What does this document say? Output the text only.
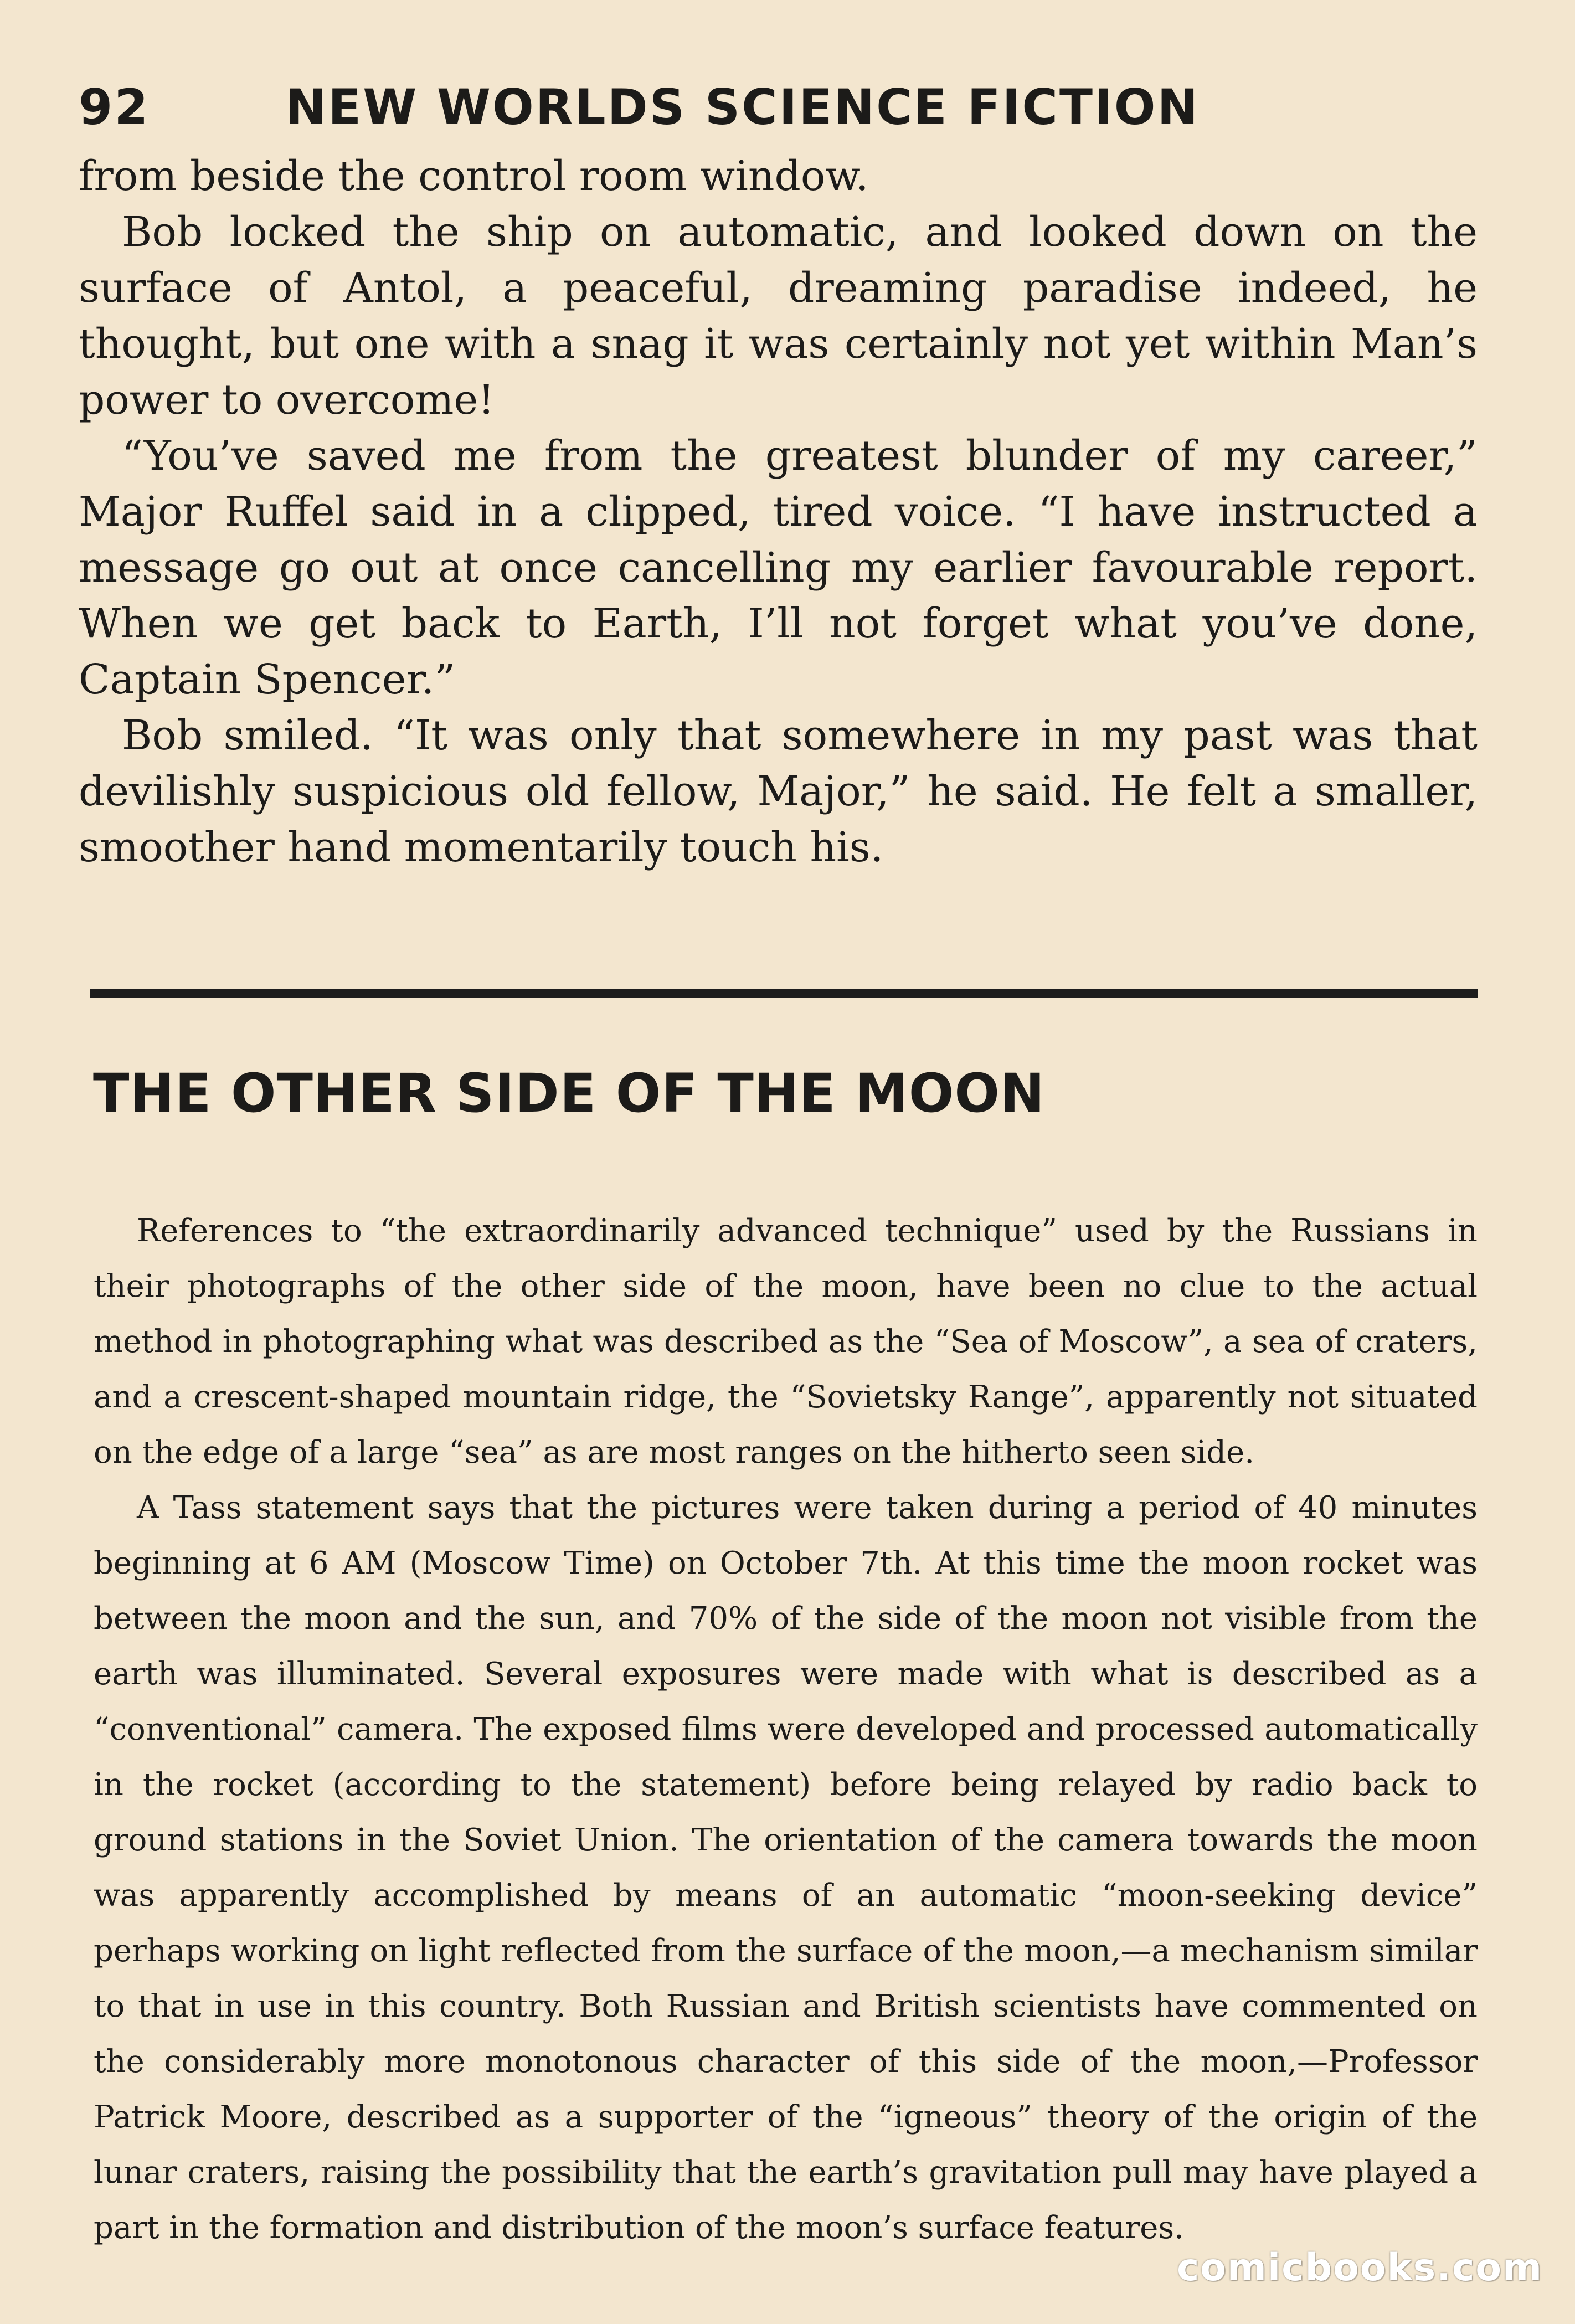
92	NEW WORLDS SCIENCE FICTION

from beside the control room window.

Bob locked the ship on automatic, and looked down on the surface of Antol, a peaceful, dreaming paradise indeed, he thought, but one with a snag it was certainly not yet within Man’s power to overcome!

“You’ve saved me from the greatest blunder of my career,” Major Ruffel said in a clipped, tired voice. “I have instructed a message go out at once cancelling my earlier favourable report. When we get back to Earth, I’ll not forget what you’ve done, Captain Spencer.”

Bob smiled. “It was only that somewhere in my past was that devilishly suspicious old fellow, Major,” he said. He felt a smaller, smoother hand momentarily touch his.

THE OTHER SIDE OF THE MOON

References to “the extraordinarily advanced technique” used by the Russians in their photographs of the other side of the moon, have been no clue to the actual method in photographing what was described as the “Sea of Moscow”, a sea of craters, and a crescent-shaped mountain ridge, the “Sovietsky Range”, apparently not situated on the edge of a large “sea” as are most ranges on the hitherto seen side.

A Tass statement says that the pictures were taken during a period of 40 minutes beginning at 6 AM (Moscow Time) on October 7th. At this time the moon rocket was between the moon and the sun, and 70% of the side of the moon not visible from the earth was illuminated. Several exposures were made with what is described as a “conventional” camera. The exposed films were developed and processed automatically in the rocket (according to the statement) before being relayed by radio back to ground stations in the Soviet Union. The orientation of the camera towards the moon was apparently accomplished by means of an automatic “moon-seeking device” perhaps working on light reflected from the surface of the moon,—a mechanism similar to that in use in this country. Both Russian and British scientists have commented on the considerably more monotonous character of this side of the moon,—Professor Patrick Moore, described as a supporter of the “igneous” theory of the origin of the lunar craters, raising the possibility that the earth’s gravitation pull may have played a part in the formation and distribution of the moon’s surface features.

comicbooks.com
